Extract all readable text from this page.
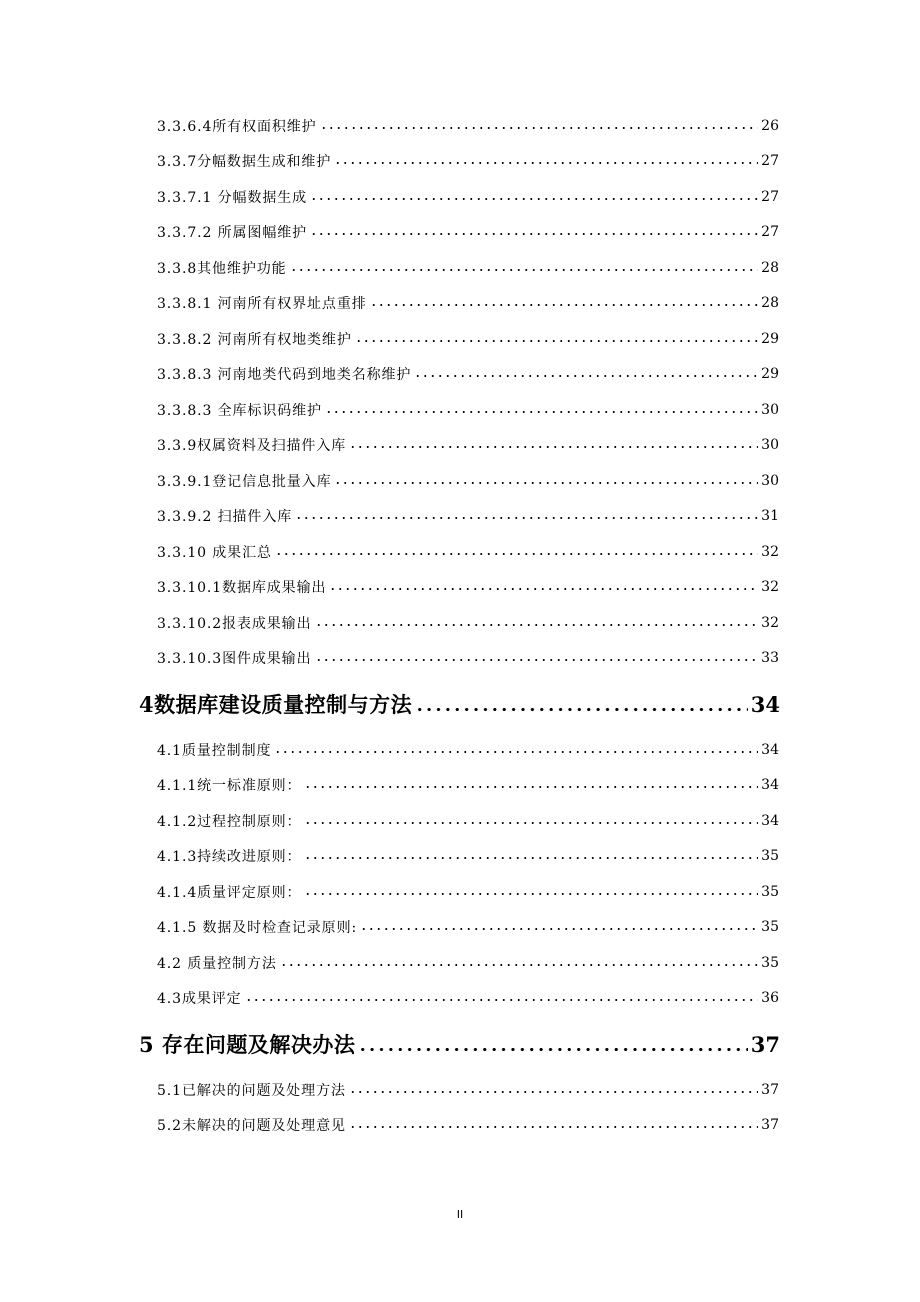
3.3.6.4所有权面积维护	26
3.3.7分幅数据生成和维护	27
3.3.7.1 分幅数据生成	27
3.3.7.2 所属图幅维护	27
3.3.8其他维护功能	28
3.3.8.1 河南所有权界址点重排	28
3.3.8.2 河南所有权地类维护	29
3.3.8.3 河南地类代码到地类名称维护	29
3.3.8.3 全库标识码维护	30
3.3.9权属资料及扫描件入库	30
3.3.9.1登记信息批量入库	30
3.3.9.2 扫描件入库	31
3.3.10 成果汇总	32
3.3.10.1数据库成果输出	32
3.3.10.2报表成果输出	32
3.3.10.3图件成果输出	33
4数据库建设质量控制与方法	34
4.1质量控制制度	34
4.1.1统一标准原则：	34
4.1.2过程控制原则：	34
4.1.3持续改进原则：	35
4.1.4质量评定原则：	35
4.1.5 数据及时检查记录原则:	35
4.2 质量控制方法	35
4.3成果评定	36
5 存在问题及解决办法	37
5.1已解决的问题及处理方法	37
5.2未解决的问题及处理意见	37
II
